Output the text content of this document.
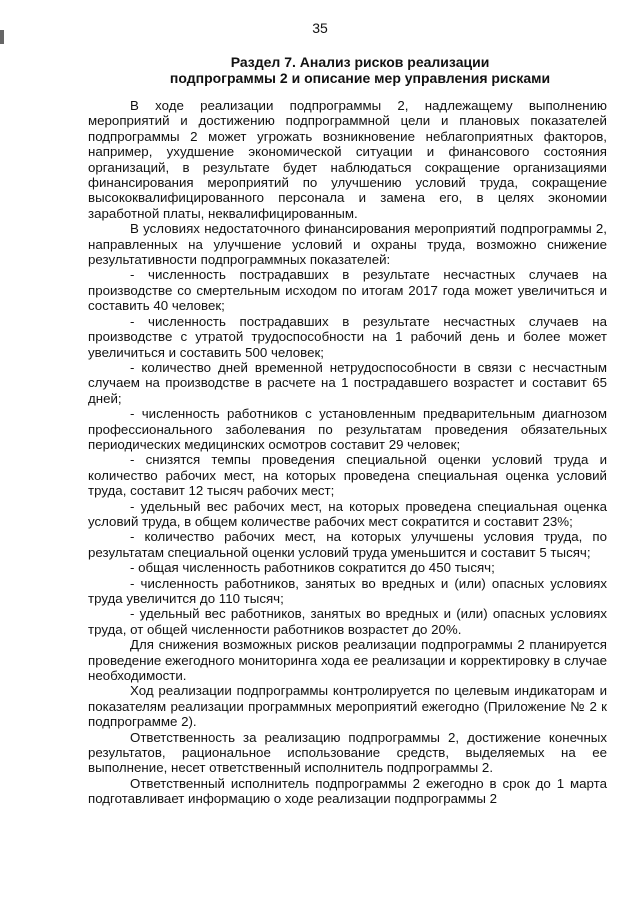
35
Раздел 7. Анализ рисков реализации
подпрограммы 2 и описание мер управления рисками

В ходе реализации подпрограммы 2, надлежащему выполнению мероприятий и достижению подпрограммной цели и плановых показателей подпрограммы 2 может угрожать возникновение неблагоприятных факторов, например, ухудшение экономической ситуации и финансового состояния организаций, в результате будет наблюдаться сокращение организациями финансирования мероприятий по улучшению условий труда, сокращение высококвалифицированного персонала и замена его, в целях экономии заработной платы, неквалифицированным.

В условиях недостаточного финансирования мероприятий подпрограммы 2, направленных на улучшение условий и охраны труда, возможно снижение результативности подпрограммных показателей:

- численность пострадавших в результате несчастных случаев на производстве со смертельным исходом по итогам 2017 года может увеличиться и составить 40 человек;

- численность пострадавших в результате несчастных случаев на производстве с утратой трудоспособности на 1 рабочий день и более может увеличиться и составить 500 человек;

- количество дней временной нетрудоспособности в связи с несчастным случаем на производстве в расчете на 1 пострадавшего возрастет и составит 65 дней;

- численность работников с установленным предварительным диагнозом профессионального заболевания по результатам проведения обязательных периодических медицинских осмотров составит 29 человек;

- снизятся темпы проведения специальной оценки условий труда и количество рабочих мест, на которых проведена специальная оценка условий труда, составит 12 тысяч рабочих мест;

- удельный вес рабочих мест, на которых проведена специальная оценка условий труда, в общем количестве рабочих мест сократится и составит 23%;

- количество рабочих мест, на которых улучшены условия труда, по результатам специальной оценки условий труда уменьшится и составит 5 тысяч;

- общая численность работников сократится до 450 тысяч;

- численность работников, занятых во вредных и (или) опасных условиях труда увеличится до 110 тысяч;

- удельный вес работников, занятых во вредных и (или) опасных условиях труда, от общей численности работников возрастет до 20%.

Для снижения возможных рисков реализации подпрограммы 2 планируется проведение ежегодного мониторинга хода ее реализации и корректировку в случае необходимости.

Ход реализации подпрограммы контролируется по целевым индикаторам и показателям реализации программных мероприятий ежегодно (Приложение № 2 к подпрограмме 2).

Ответственность за реализацию подпрограммы 2, достижение конечных результатов, рациональное использование средств, выделяемых на ее выполнение, несет ответственный исполнитель подпрограммы 2.

Ответственный исполнитель подпрограммы 2 ежегодно в срок до 1 марта подготавливает информацию о ходе реализации подпрограммы 2
